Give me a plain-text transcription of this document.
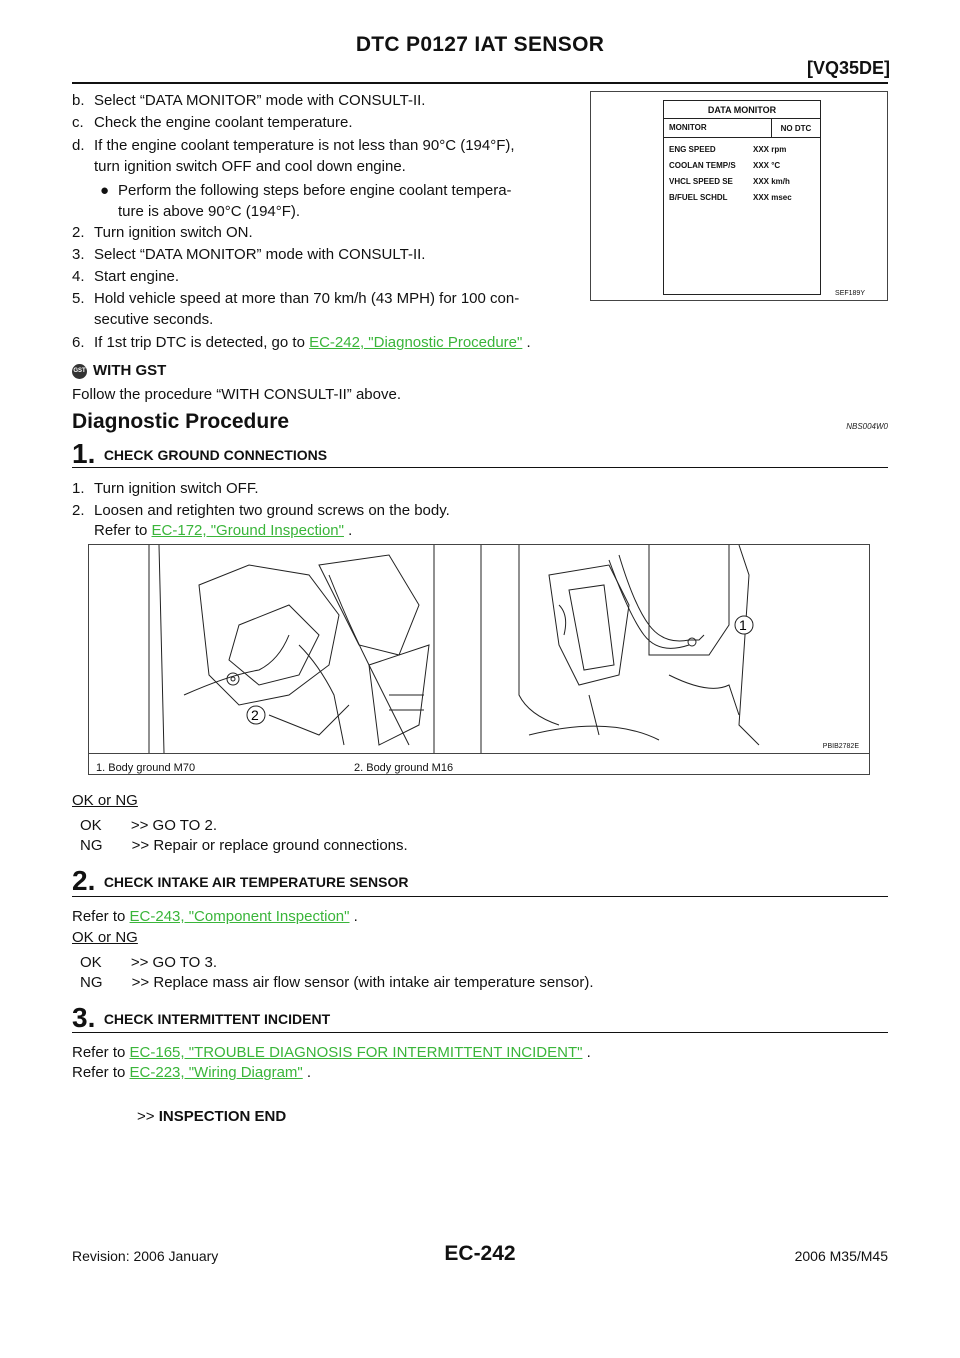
DTC P0127 IAT SENSOR
[VQ35DE]
b. Select “DATA MONITOR” mode with CONSULT-II.
c. Check the engine coolant temperature.
d. If the engine coolant temperature is not less than 90°C (194°F),
turn ignition switch OFF and cool down engine.
● Perform the following steps before engine coolant tempera-
ture is above 90°C (194°F).
2. Turn ignition switch ON.
3. Select “DATA MONITOR” mode with CONSULT-II.
4. Start engine.
5. Hold vehicle speed at more than 70 km/h (43 MPH) for 100 con-
secutive seconds.
6. If 1st trip DTC is detected, go to EC-242, "Diagnostic Procedure" .
DATA MONITOR
MONITOR	NO DTC
ENG SPEED	XXX rpm
COOLAN TEMP/S XXX °C
VHCL SPEED SE	XXX km/h
B/FUEL SCHDL	XXX msec
SEF189Y
GST WITH GST
Follow the procedure “WITH CONSULT-II” above.
Diagnostic Procedure	NBS004W0
1. CHECK GROUND CONNECTIONS
1. Turn ignition switch OFF.
2. Loosen and retighten two ground screws on the body.
Refer to EC-172, "Ground Inspection" .
1
2
PBIB2782E
1. Body ground M70	2. Body ground M16
OK or NG
OK       >> GO TO 2.
NG       >> Repair or replace ground connections.
2. CHECK INTAKE AIR TEMPERATURE SENSOR
Refer to EC-243, "Component Inspection" .
OK or NG
OK       >> GO TO 3.
NG       >> Replace mass air flow sensor (with intake air temperature sensor).
3. CHECK INTERMITTENT INCIDENT
Refer to EC-165, "TROUBLE DIAGNOSIS FOR INTERMITTENT INCIDENT" .
Refer to EC-223, "Wiring Diagram" .
>> INSPECTION END
Revision: 2006 January	EC-242	2006 M35/M45
